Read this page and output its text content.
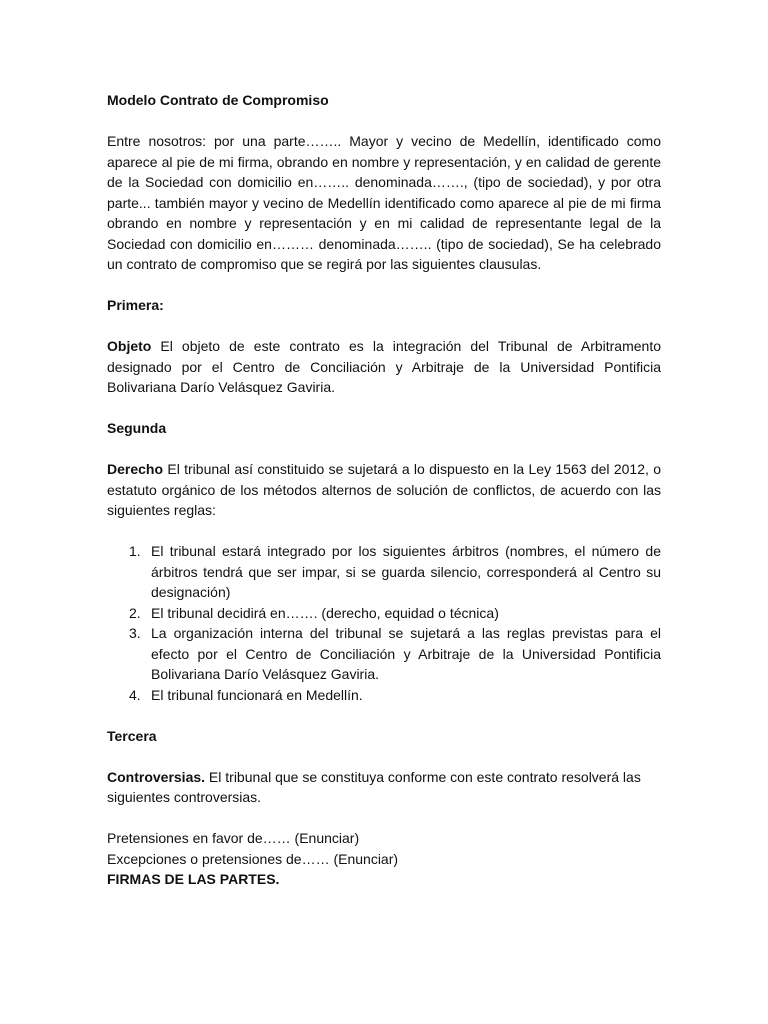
Modelo Contrato de Compromiso

Entre nosotros: por una parte…….. Mayor y vecino de Medellín, identificado como aparece al pie de mi firma, obrando en nombre y representación, y en calidad de gerente de la Sociedad con domicilio en…….. denominada……., (tipo de sociedad), y por otra parte... también mayor y vecino de Medellín identificado como aparece al pie de mi firma obrando en nombre y representación y en mi calidad de representante legal de la Sociedad con domicilio en……… denominada…….. (tipo de sociedad), Se ha celebrado un contrato de compromiso que se regirá por las siguientes clausulas.

Primera:

Objeto El objeto de este contrato es la integración del Tribunal de Arbitramento designado por el Centro de Conciliación y Arbitraje de la Universidad Pontificia Bolivariana Darío Velásquez Gaviria.

Segunda

Derecho El tribunal así constituido se sujetará a lo dispuesto en la Ley 1563 del 2012, o estatuto orgánico de los métodos alternos de solución de conflictos, de acuerdo con las siguientes reglas:

1. El tribunal estará integrado por los siguientes árbitros (nombres, el número de árbitros tendrá que ser impar, si se guarda silencio, corresponderá al Centro su designación)
2. El tribunal decidirá en……. (derecho, equidad o técnica)
3. La organización interna del tribunal se sujetará a las reglas previstas para el efecto por el Centro de Conciliación y Arbitraje de la Universidad Pontificia Bolivariana Darío Velásquez Gaviria.
4. El tribunal funcionará en Medellín.

Tercera

Controversias. El tribunal que se constituya conforme con este contrato resolverá las siguientes controversias.

Pretensiones en favor de…… (Enunciar)

Excepciones o pretensiones de…… (Enunciar)

FIRMAS DE LAS PARTES.
